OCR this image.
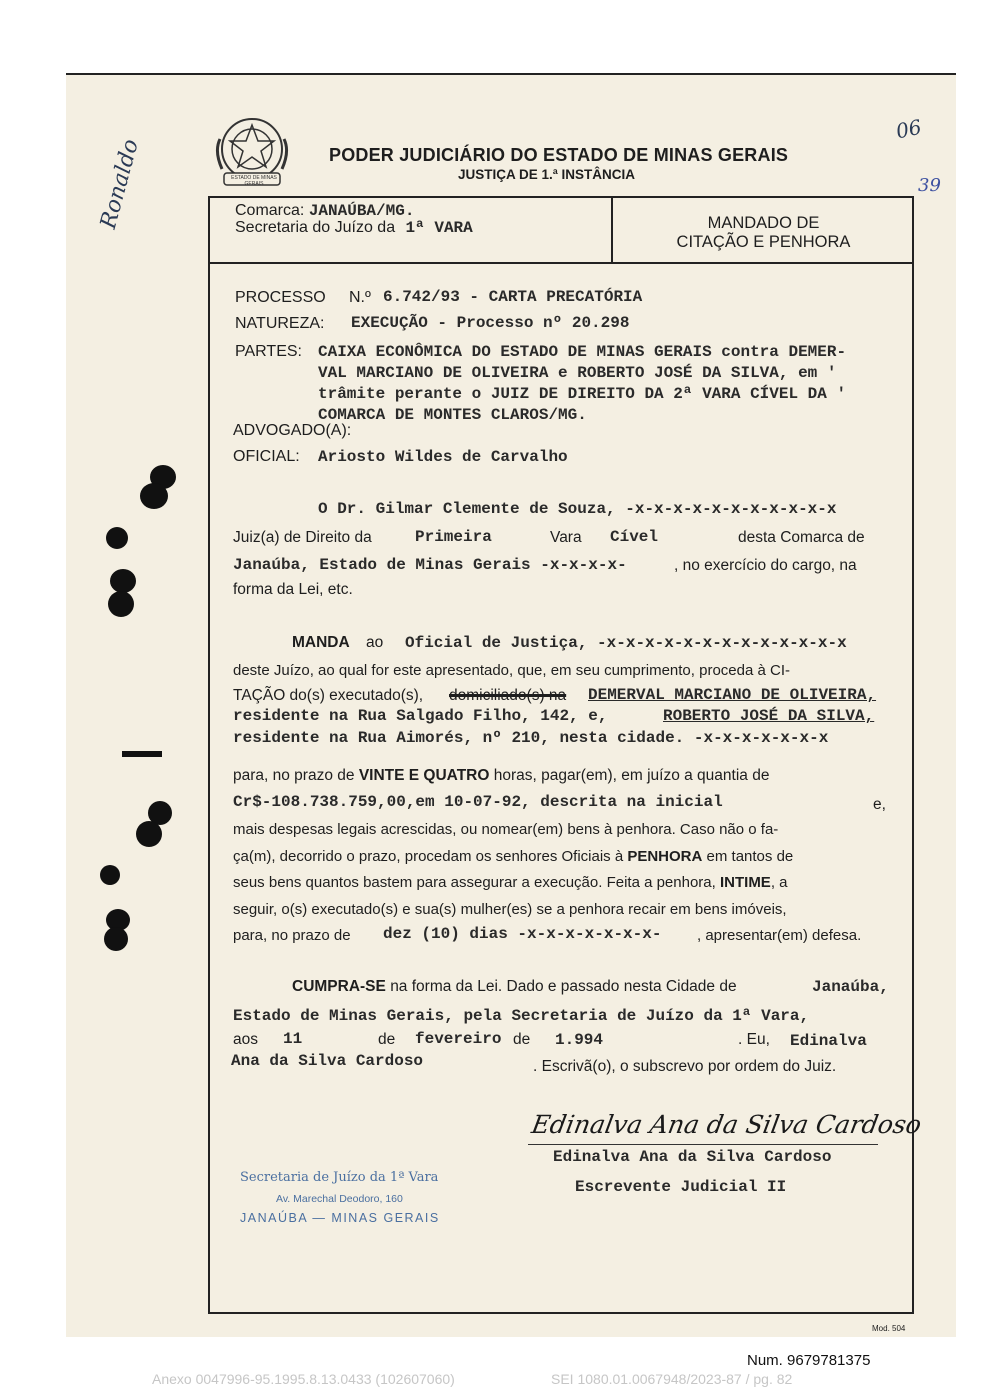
Ronaldo	ESTADO DE MINAS GERAIS
PODER JUDICIÁRIO DO ESTADO DE MINAS GERAIS
JUSTIÇA DE 1.ª INSTÂNCIA
06
39
Comarca: JANAÚBA/MG.
Secretaria do Juízo da 1ª VARA	MANDADO DE
CITAÇÃO E PENHORA
PROCESSO N.º 6.742/93 - CARTA PRECATÓRIA
NATUREZA: EXECUÇÃO - Processo nº 20.298
PARTES: CAIXA ECONÔMICA DO ESTADO DE MINAS GERAIS contra DEMER-
VAL MARCIANO DE OLIVEIRA e ROBERTO JOSÉ DA SILVA, em '
trâmite perante o JUIZ DE DIREITO DA 2ª VARA CÍVEL DA '
COMARCA DE MONTES CLAROS/MG.
ADVOGADO(A):
OFICIAL: Ariosto Wildes de Carvalho
O Dr. Gilmar Clemente de Souza, -x-x-x-x-x-x-x-x-x-x-x
Juiz(a) de Direito da	Primeira	Vara Cível	desta Comarca de
Janaúba, Estado de Minas Gerais -x-x-x-x-	, no exercício do cargo, na
forma da Lei, etc.
MANDA ao Oficial de Justiça, -x-x-x-x-x-x-x-x-x-x-x-x-x
deste Juízo, ao qual for este apresentado, que, em seu cumprimento, proceda à CI-
TAÇÃO do(s) executado(s), domiciliado(s) na DEMERVAL MARCIANO DE OLIVEIRA,
residente na Rua Salgado Filho, 142, e,	ROBERTO JOSÉ DA SILVA,
residente na Rua Aimorés, nº 210, nesta cidade. -x-x-x-x-x-x-x
para, no prazo de VINTE E QUATRO horas, pagar(em), em juízo a quantia de
Cr$-108.738.759,00,em 10-07-92, descrita na inicial	e,
mais despesas legais acrescidas, ou nomear(em) bens à penhora. Caso não o fa-
ça(m), decorrido o prazo, procedam os senhores Oficiais à PENHORA em tantos de
seus bens quantos bastem para assegurar a execução. Feita a penhora, INTIME, a
seguir, o(s) executado(s) e sua(s) mulher(es) se a penhora recair em bens imóveis,
para, no prazo de dez (10) dias -x-x-x-x-x-x-x- , apresentar(em) defesa.
CUMPRA-SE na forma da Lei. Dado e passado nesta Cidade de	Janaúba,
Estado de Minas Gerais, pela Secretaria de Juízo da 1ª Vara,
aos 11	de fevereiro de 1.994	. Eu, Edinalva
Ana da Silva Cardoso	. Escrivã(o), o subscrevo por ordem do Juiz.
Edinalva Ana da Silva Cardoso
Edinalva Ana da Silva Cardoso
Escrevente Judicial II
Secretaria de Juízo da 1ª Vara
Av. Marechal Deodoro, 160
JANAÚBA — MINAS GERAIS
Mod. 504
Num. 9679781375
Anexo 0047996-95.1995.8.13.0433 (102607060)	SEI 1080.01.0067948/2023-87 / pg. 82
